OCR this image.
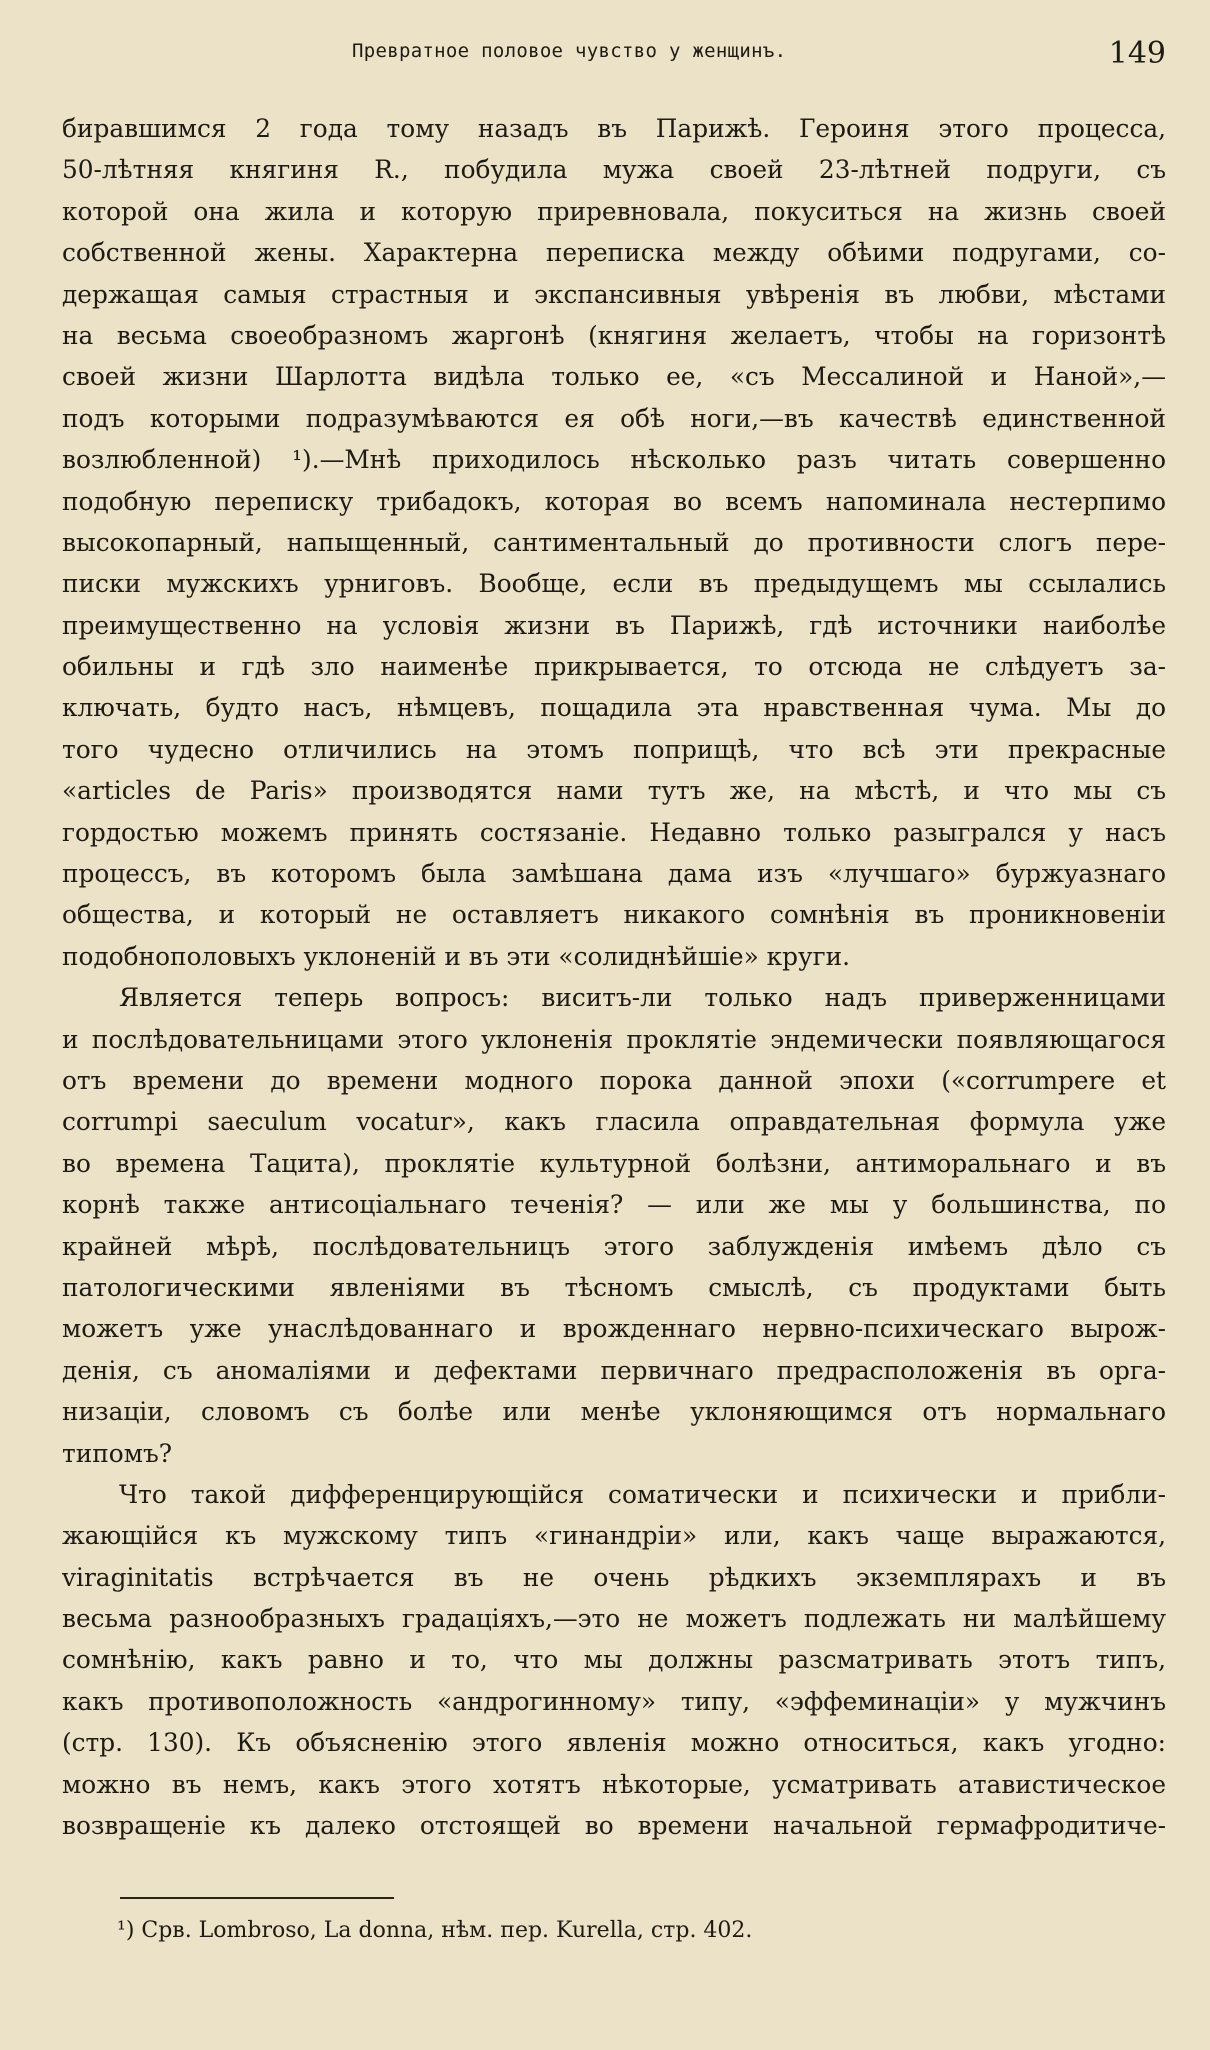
Превратное половое чувство у женщинъ.	149
бирaвшимся 2 года тому назадъ въ Парижѣ. Героиня этого процесса,
50-лѣтняя княгиня R., побудила мужа своей 23-лѣтней подруги, съ
которой она жила и которую приревновала, покуситься на жизнь своей
собственной жены. Характерна переписка между обѣими подругами, со-
держащая самыя страстныя и экспансивныя увѣренія въ любви, мѣстами
на весьма своеобразномъ жаргонѣ (княгиня желаетъ, чтобы на горизонтѣ
своей жизни Шарлотта видѣла только ее, «съ Мессалиной и Наной»,—
подъ которыми подразумѣваются ея обѣ ноги,—въ качествѣ единственной
возлюбленной) ¹).—Мнѣ приходилось нѣсколько разъ читать совершенно
подобную переписку трибадокъ, которая во всемъ напоминала нестерпимо
высокопарный, напыщенный, сантиментальный до противности слогъ пере-
писки мужскихъ урниговъ. Вообще, если въ предыдущемъ мы ссылались
преимущественно на условія жизни въ Парижѣ, гдѣ источники наиболѣе
обильны и гдѣ зло наименѣе прикрывается, то отсюда не слѣдуетъ за-
ключать, будто насъ, нѣмцевъ, пощадила эта нравственная чума. Мы до
того чудесно отличились на этомъ поприщѣ, что всѣ эти прекрасные
«articles de Paris» производятся нами тутъ же, на мѣстѣ, и что мы съ
гордостью можемъ принять состязаніе. Недавно только разыгрался у насъ
процессъ, въ которомъ была замѣшана дама изъ «лучшаго» буржуазнаго
общества, и который не оставляетъ никакого сомнѣнія въ проникновеніи
подобнополовыхъ уклоненій и въ эти «солиднѣйшіе» круги.
Является теперь вопросъ: виситъ-ли только надъ приверженницами
и послѣдовательницами этого уклоненія проклятіе эндемически появляющагося
отъ времени до времени модного порока данной эпохи («corrumpere et
corrumpi saeculum vocatur», какъ гласила оправдательная формула уже
во времена Тацита), проклятіе культурной болѣзни, антиморальнаго и въ
корнѣ также антисоціальнаго теченія? — или же мы у большинства, по
крайней мѣрѣ, послѣдовательницъ этого заблужденія имѣемъ дѣло съ
патологическими явленіями въ тѣсномъ смыслѣ, съ продуктами быть
можетъ уже унаслѣдованнаго и врожденнаго нервно-психическаго вырож-
денія, съ аномаліями и дефектами первичнаго предрасположенія въ орга-
низаціи, словомъ съ болѣе или менѣе уклоняющимся отъ нормальнаго
типомъ?
Что такой дифференцирующійся соматически и психически и прибли-
жающійся къ мужскому типъ «гинандріи» или, какъ чаще выражаются,
viraginitatis встрѣчается въ не очень рѣдкихъ экземплярахъ и въ
весьма разнообразныхъ градацiяхъ,—это не можетъ подлежать ни малѣйшему
сомнѣнію, какъ равно и то, что мы должны разсматривать этотъ типъ,
какъ противоположность «андрогинному» типу, «эффеминаціи» у мужчинъ
(стр. 130). Къ объясненію этого явленія можно относиться, какъ угодно:
можно въ немъ, какъ этого хотятъ нѣкоторые, усматривать атавистическое
возвращеніе къ далеко отстоящей во времени начальной гермафродитиче-
¹) Срв. Lombroso, La donna, нѣм. пер. Kurella, стр. 402.
